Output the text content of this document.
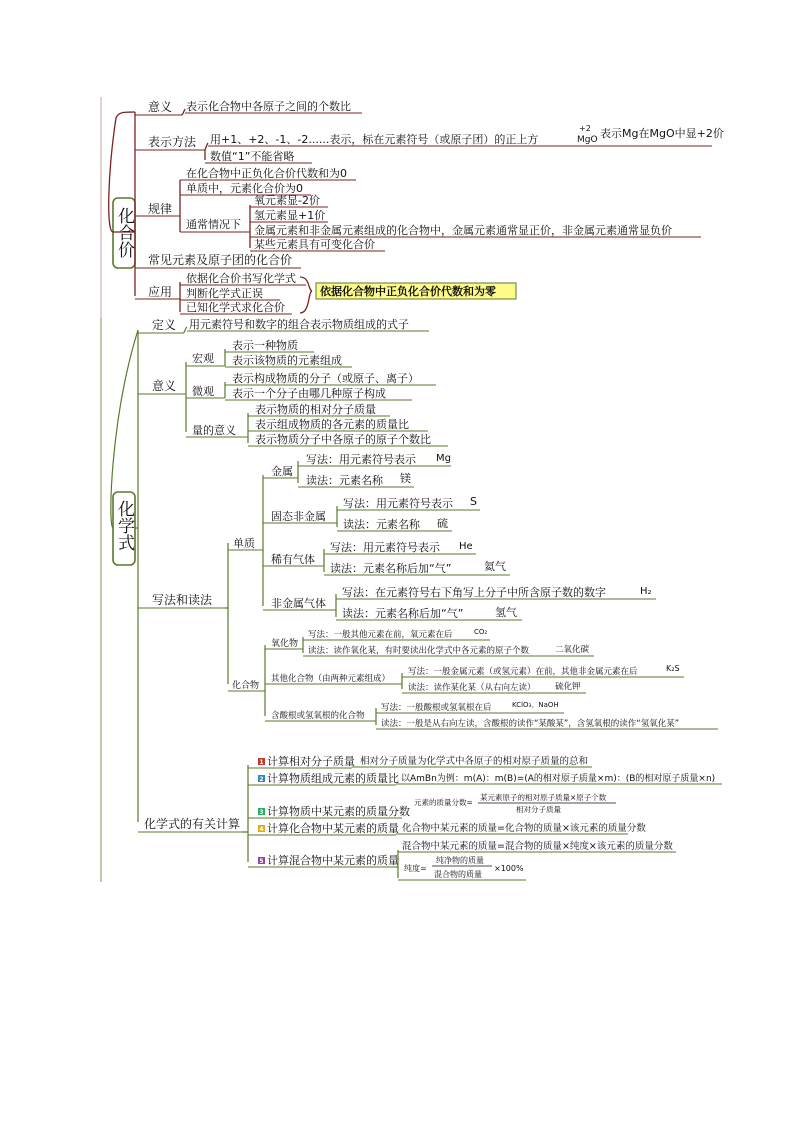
化合价
意义 表示化合物中各原子之间的个数比
表示方法 用+1、+2、-1、-2......表示，标在元素符号（或原子团）的正上方
数值“1”不能省略
+2
MgO 表示Mg在MgO中显+2价
规律
在化合物中正负化合价代数和为0
单质中，元素化合价为0
通常情况下
氧元素显-2价
氢元素显+1价
金属元素和非金属元素组成的化合物中，金属元素通常显正价，非金属元素通常显负价
某些元素具有可变化合价
常见元素及原子团的化合价
应用
依据化合价书写化学式
判断化学式正误
已知化学式求化合价
依据化合物中正负化合价代数和为零
化学式
定义 用元素符号和数字的组合表示物质组成的式子
意义
宏观
表示一种物质
表示该物质的元素组成
微观
表示构成物质的分子（或原子、离子）
表示一个分子由哪几种原子构成
量的意义
表示物质的相对分子质量
表示组成物质的各元素的质量比
表示物质分子中各原子的原子个数比
写法和读法
单质
金属
写法：用元素符号表示 Mg
读法：元素名称 镁
固态非金属
写法：用元素符号表示 S
读法：元素名称 硫
稀有气体
写法：用元素符号表示 He
读法：元素名称后加“气”	氦气
非金属气体
写法：在元素符号右下角写上分子中所含原子数的数字	H₂
读法：元素名称后加“气”	氢气
化合物
氧化物
写法：一般其他元素在前，氧元素在后	CO₂
读法：读作氧化某，有时要读出化学式中各元素的原子个数	二氧化碳
其他化合物（由两种元素组成）
写法：一般金属元素（或氢元素）在前，其他非金属元素在后	K₂S
读法：读作某化某（从右向左读） 硫化钾
含酸根或氢氧根的化合物
写法：一般酸根或氢氧根在后	KClO₃、NaOH
读法：一般是从右向左读，含酸根的读作“某酸某”，含氢氧根的读作“氢氧化某”
化学式的有关计算
1
2
3
4
5
计算相对分子质量 相对分子质量为化学式中各原子的相对原子质量的总和
计算物质组成元素的质量比 以AmBn为例：m(A)：m(B)=(A的相对原子质量×m)：(B的相对原子质量×n)
计算物质中某元素的质量分数
元素的质量分数=
某元素原子的相对原子质量×原子个数
相对分子质量
计算化合物中某元素的质量 化合物中某元素的质量=化合物的质量×该元素的质量分数
计算混合物中某元素的质量
混合物中某元素的质量=混合物的质量×纯度×该元素的质量分数
纯度=
纯净物的质量
混合物的质量
×100%
